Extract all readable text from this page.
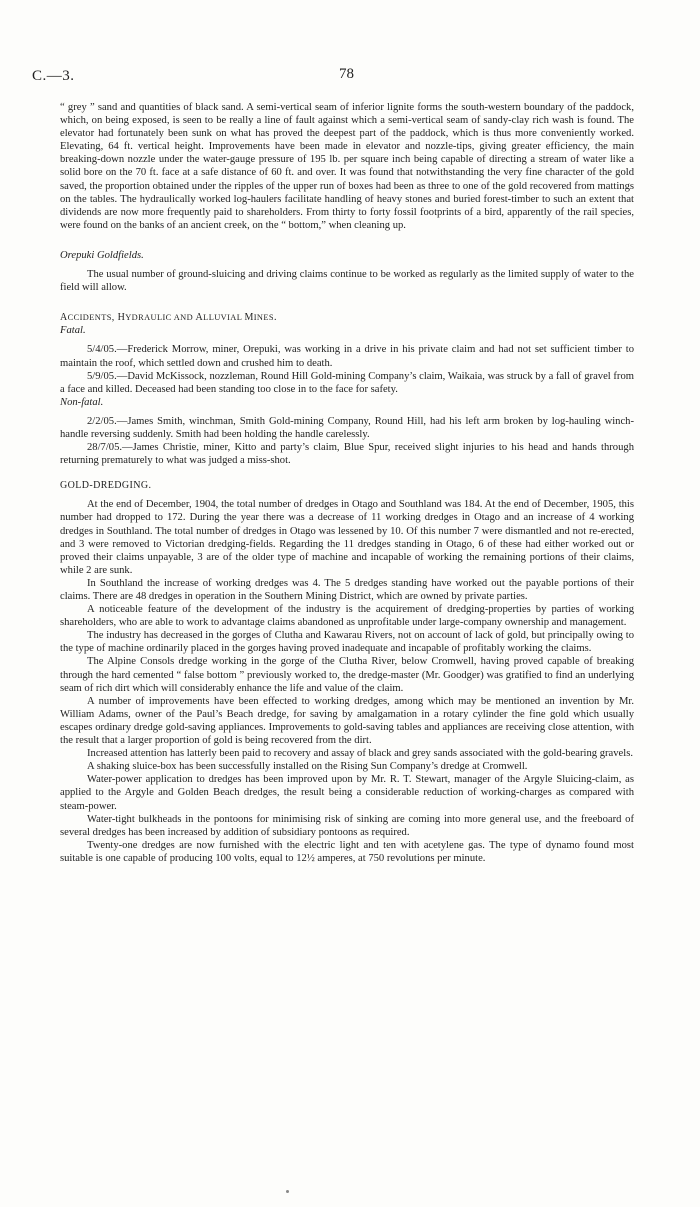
C.—3.	78

“ grey ” sand and quantities of black sand. A semi-vertical seam of inferior lignite forms the south-western boundary of the paddock, which, on being exposed, is seen to be really a line of fault against which a semi-vertical seam of sandy-clay rich wash is found. The elevator had fortunately been sunk on what has proved the deepest part of the paddock, which is thus more conveniently worked. Elevating, 64 ft. vertical height. Improvements have been made in elevator and nozzle-tips, giving greater efficiency, the main breaking-down nozzle under the water-gauge pressure of 195 lb. per square inch being capable of directing a stream of water like a solid bore on the 70 ft. face at a safe distance of 60 ft. and over. It was found that notwithstanding the very fine character of the gold saved, the proportion obtained under the ripples of the upper run of boxes had been as three to one of the gold recovered from mattings on the tables. The hydraulically worked log-haulers facilitate handling of heavy stones and buried forest-timber to such an extent that dividends are now more frequently paid to shareholders. From thirty to forty fossil footprints of a bird, apparently of the rail species, were found on the banks of an ancient creek, on the “ bottom,” when cleaning up.

Orepuki Goldfields.

The usual number of ground-sluicing and driving claims continue to be worked as regularly as the limited supply of water to the field will allow.

ACCIDENTS, HYDRAULIC AND ALLUVIAL MINES.

Fatal.

5/4/05.—Frederick Morrow, miner, Orepuki, was working in a drive in his private claim and had not set sufficient timber to maintain the roof, which settled down and crushed him to death.

5/9/05.—David McKissock, nozzleman, Round Hill Gold-mining Company’s claim, Waikaia, was struck by a fall of gravel from a face and killed. Deceased had been standing too close in to the face for safety.

Non-fatal.

2/2/05.—James Smith, winchman, Smith Gold-mining Company, Round Hill, had his left arm broken by log-hauling winch-handle reversing suddenly. Smith had been holding the handle carelessly.

28/7/05.—James Christie, miner, Kitto and party’s claim, Blue Spur, received slight injuries to his head and hands through returning prematurely to what was judged a miss-shot.

GOLD-DREDGING.

At the end of December, 1904, the total number of dredges in Otago and Southland was 184. At the end of December, 1905, this number had dropped to 172. During the year there was a decrease of 11 working dredges in Otago and an increase of 4 working dredges in Southland. The total number of dredges in Otago was lessened by 10. Of this number 7 were dismantled and not re-erected, and 3 were removed to Victorian dredging-fields. Regarding the 11 dredges standing in Otago, 6 of these had either worked out or proved their claims unpayable, 3 are of the older type of machine and incapable of working the remaining portions of their claims, while 2 are sunk.

In Southland the increase of working dredges was 4. The 5 dredges standing have worked out the payable portions of their claims. There are 48 dredges in operation in the Southern Mining District, which are owned by private parties.

A noticeable feature of the development of the industry is the acquirement of dredging-properties by parties of working shareholders, who are able to work to advantage claims abandoned as unprofitable under large-company ownership and management.

The industry has decreased in the gorges of Clutha and Kawarau Rivers, not on account of lack of gold, but principally owing to the type of machine ordinarily placed in the gorges having proved inadequate and incapable of profitably working the claims.

The Alpine Consols dredge working in the gorge of the Clutha River, below Cromwell, having proved capable of breaking through the hard cemented “ false bottom ” previously worked to, the dredge-master (Mr. Goodger) was gratified to find an underlying seam of rich dirt which will considerably enhance the life and value of the claim.

A number of improvements have been effected to working dredges, among which may be mentioned an invention by Mr. William Adams, owner of the Paul’s Beach dredge, for saving by amalgamation in a rotary cylinder the fine gold which usually escapes ordinary dredge gold-saving appliances. Improvements to gold-saving tables and appliances are receiving close attention, with the result that a larger proportion of gold is being recovered from the dirt.

Increased attention has latterly been paid to recovery and assay of black and grey sands associated with the gold-bearing gravels.

A shaking sluice-box has been successfully installed on the Rising Sun Company’s dredge at Cromwell.

Water-power application to dredges has been improved upon by Mr. R. T. Stewart, manager of the Argyle Sluicing-claim, as applied to the Argyle and Golden Beach dredges, the result being a considerable reduction of working-charges as compared with steam-power.

Water-tight bulkheads in the pontoons for minimising risk of sinking are coming into more general use, and the freeboard of several dredges has been increased by addition of subsidiary pontoons as required.

Twenty-one dredges are now furnished with the electric light and ten with acetylene gas. The type of dynamo found most suitable is one capable of producing 100 volts, equal to 12½ amperes, at 750 revolutions per minute.
